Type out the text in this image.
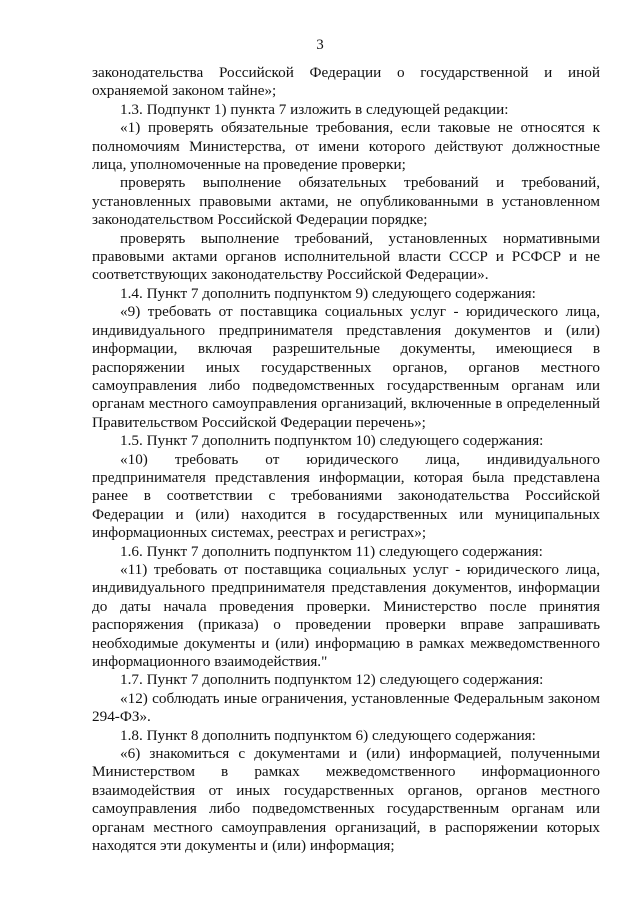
3

законодательства Российской Федерации о государственной и иной охраняемой законом тайне»;

1.3. Подпункт 1) пункта 7 изложить в следующей редакции:

«1) проверять обязательные требования, если таковые не относятся к полномочиям Министерства, от имени которого действуют должностные лица, уполномоченные на проведение проверки;

проверять выполнение обязательных требований и требований, установленных правовыми актами, не опубликованными в установленном законодательством Российской Федерации порядке;

проверять выполнение требований, установленных нормативными правовыми актами органов исполнительной власти СССР и РСФСР и не соответствующих законодательству Российской Федерации».

1.4. Пункт 7 дополнить подпунктом 9) следующего содержания:

«9) требовать от поставщика социальных услуг - юридического лица, индивидуального предпринимателя представления документов и (или) информации, включая разрешительные документы, имеющиеся в распоряжении иных государственных органов, органов местного самоуправления либо подведомственных государственным органам или органам местного самоуправления организаций, включенные в определенный Правительством Российской Федерации перечень»;

1.5. Пункт 7 дополнить подпунктом 10) следующего содержания:

«10) требовать от юридического лица, индивидуального предпринимателя представления информации, которая была представлена ранее в соответствии с требованиями законодательства Российской Федерации и (или) находится в государственных или муниципальных информационных системах, реестрах и регистрах»;

1.6. Пункт 7 дополнить подпунктом 11) следующего содержания:

«11) требовать от поставщика социальных услуг - юридического лица, индивидуального предпринимателя представления документов, информации до даты начала проведения проверки. Министерство после принятия распоряжения (приказа) о проведении проверки вправе запрашивать необходимые документы и (или) информацию в рамках межведомственного информационного взаимодействия."

1.7. Пункт 7 дополнить подпунктом 12) следующего содержания:

«12) соблюдать иные ограничения, установленные Федеральным законом 294-ФЗ».

1.8. Пункт 8 дополнить подпунктом 6) следующего содержания:

«6) знакомиться с документами и (или) информацией, полученными Министерством в рамках межведомственного информационного взаимодействия от иных государственных органов, органов местного самоуправления либо подведомственных государственным органам или органам местного самоуправления организаций, в распоряжении которых находятся эти документы и (или) информация;
